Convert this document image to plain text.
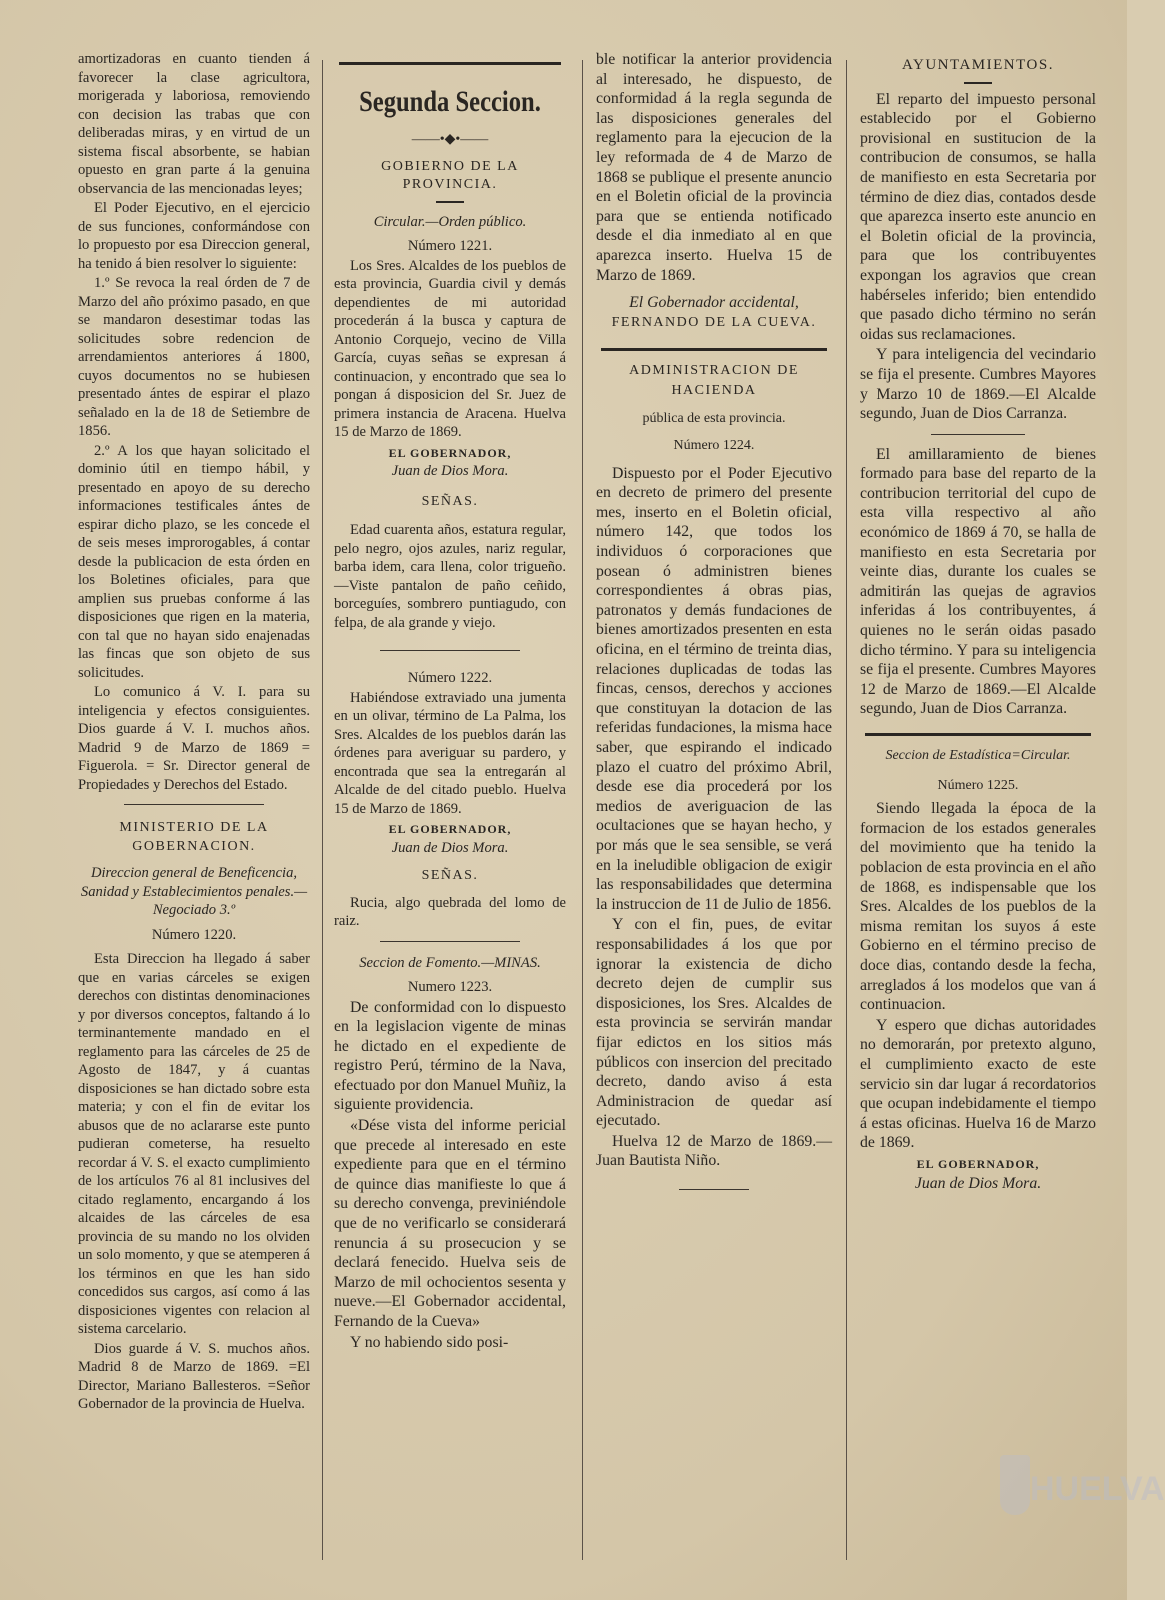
amortizadoras en cuanto tienden á favorecer la clase agricultora, morigerada y laboriosa, removiendo con decision las trabas que con deliberadas miras, y en virtud de un sistema fiscal absorbente, se habian opuesto en gran parte á la genuina observancia de las mencionadas leyes;

El Poder Ejecutivo, en el ejercicio de sus funciones, conformándose con lo propuesto por esa Direccion general, ha tenido á bien resolver lo siguiente:

1.º Se revoca la real órden de 7 de Marzo del año próximo pasado, en que se mandaron desestimar todas las solicitudes sobre redencion de arrendamientos anteriores á 1800, cuyos documentos no se hubiesen presentado ántes de espirar el plazo señalado en la de 18 de Setiembre de 1856.

2.º A los que hayan solicitado el dominio útil en tiempo hábil, y presentado en apoyo de su derecho informaciones testificales ántes de espirar dicho plazo, se les concede el de seis meses improrogables, á contar desde la publicacion de esta órden en los Boletines oficiales, para que amplien sus pruebas conforme á las disposiciones que rigen en la materia, con tal que no hayan sido enajenadas las fincas que son objeto de sus solicitudes.

Lo comunico á V. I. para su inteligencia y efectos consiguientes. Dios guarde á V. I. muchos años. Madrid 9 de Marzo de 1869 = Figuerola. = Sr. Director general de Propiedades y Derechos del Estado.

MINISTERIO DE LA GOBERNACION.

Direccion general de Beneficencia, Sanidad y Establecimientos penales.—Negociado 3.º

Número 1220.

Esta Direccion ha llegado á saber que en varias cárceles se exigen derechos con distintas denominaciones y por diversos conceptos, faltando á lo terminantemente mandado en el reglamento para las cárceles de 25 de Agosto de 1847, y á cuantas disposiciones se han dictado sobre esta materia; y con el fin de evitar los abusos que de no aclararse este punto pudieran cometerse, ha resuelto recordar á V. S. el exacto cumplimiento de los artículos 76 al 81 inclusives del citado reglamento, encargando á los alcaides de las cárceles de esa provincia de su mando no los olviden un solo momento, y que se atemperen á los términos en que les han sido concedidos sus cargos, así como á las disposiciones vigentes con relacion al sistema carcelario.

Dios guarde á V. S. muchos años. Madrid 8 de Marzo de 1869. =El Director, Mariano Ballesteros. =Señor Gobernador de la provincia de Huelva.

Segunda Seccion.
——•◆•——

GOBIERNO DE LA PROVINCIA.

Circular.—Orden público.

Número 1221.

Los Sres. Alcaldes de los pueblos de esta provincia, Guardia civil y demás dependientes de mi autoridad procederán á la busca y captura de Antonio Corquejo, vecino de Villa García, cuyas señas se expresan á continuacion, y encontrado que sea lo pongan á disposicion del Sr. Juez de primera instancia de Aracena. Huelva 15 de Marzo de 1869.

EL GOBERNADOR,
Juan de Dios Mora.

SEÑAS.

Edad cuarenta años, estatura regular, pelo negro, ojos azules, nariz regular, barba idem, cara llena, color trigueño.—Viste pantalon de paño ceñido, borceguíes, sombrero puntiagudo, con felpa, de ala grande y viejo.

Número 1222.

Habiéndose extraviado una jumenta en un olivar, término de La Palma, los Sres. Alcaldes de los pueblos darán las órdenes para averiguar su pardero, y encontrada que sea la entregarán al Alcalde de del citado pueblo. Huelva 15 de Marzo de 1869.

EL GOBERNADOR,
Juan de Dios Mora.

SEÑAS.

Rucia, algo quebrada del lomo de raiz.

Seccion de Fomento.—MINAS.

Numero 1223.

De conformidad con lo dispuesto en la legislacion vigente de minas he dictado en el expediente de registro Perú, término de la Nava, efectuado por don Manuel Muñiz, la siguiente providencia.

«Dése vista del informe pericial que precede al interesado en este expediente para que en el término de quince dias manifieste lo que á su derecho convenga, previniéndole que de no verificarlo se considerará renuncia á su prosecucion y se declará fenecido. Huelva seis de Marzo de mil ochocientos sesenta y nueve.—El Gobernador accidental, Fernando de la Cueva»

Y no habiendo sido posi-

ble notificar la anterior providencia al interesado, he dispuesto, de conformidad á la regla segunda de las disposiciones generales del reglamento para la ejecucion de la ley reformada de 4 de Marzo de 1868 se publique el presente anuncio en el Boletin oficial de la provincia para que se entienda notificado desde el dia inmediato al en que aparezca inserto. Huelva 15 de Marzo de 1869.

El Gobernador accidental,
FERNANDO DE LA CUEVA.

ADMINISTRACION DE HACIENDA

pública de esta provincia.

Número 1224.

Dispuesto por el Poder Ejecutivo en decreto de primero del presente mes, inserto en el Boletin oficial, número 142, que todos los individuos ó corporaciones que posean ó administren bienes correspondientes á obras pias, patronatos y demás fundaciones de bienes amortizados presenten en esta oficina, en el término de treinta dias, relaciones duplicadas de todas las fincas, censos, derechos y acciones que constituyan la dotacion de las referidas fundaciones, la misma hace saber, que espirando el indicado plazo el cuatro del próximo Abril, desde ese dia procederá por los medios de averiguacion de las ocultaciones que se hayan hecho, y por más que le sea sensible, se verá en la ineludible obligacion de exigir las responsabilidades que determina la instruccion de 11 de Julio de 1856.

Y con el fin, pues, de evitar responsabilidades á los que por ignorar la existencia de dicho decreto dejen de cumplir sus disposiciones, los Sres. Alcaldes de esta provincia se servirán mandar fijar edictos en los sitios más públicos con insercion del precitado decreto, dando aviso á esta Administracion de quedar así ejecutado.

Huelva 12 de Marzo de 1869.—Juan Bautista Niño.

AYUNTAMIENTOS.

El reparto del impuesto personal establecido por el Gobierno provisional en sustitucion de la contribucion de consumos, se halla de manifiesto en esta Secretaria por término de diez dias, contados desde que aparezca inserto este anuncio en el Boletin oficial de la provincia, para que los contribuyentes expongan los agravios que crean habérseles inferido; bien entendido que pasado dicho término no serán oidas sus reclamaciones.

Y para inteligencia del vecindario se fija el presente. Cumbres Mayores y Marzo 10 de 1869.—El Alcalde segundo, Juan de Dios Carranza.

El amillaramiento de bienes formado para base del reparto de la contribucion territorial del cupo de esta villa respectivo al año económico de 1869 á 70, se halla de manifiesto en esta Secretaria por veinte dias, durante los cuales se admitirán las quejas de agravios inferidas á los contribuyentes, á quienes no le serán oidas pasado dicho término. Y para su inteligencia se fija el presente. Cumbres Mayores 12 de Marzo de 1869.—El Alcalde segundo, Juan de Dios Carranza.

Seccion de Estadística=Circular.

Número 1225.

Siendo llegada la época de la formacion de los estados generales del movimiento que ha tenido la poblacion de esta provincia en el año de 1868, es indispensable que los Sres. Alcaldes de los pueblos de la misma remitan los suyos á este Gobierno en el término preciso de doce dias, contando desde la fecha, arreglados á los modelos que van á continuacion.

Y espero que dichas autoridades no demorarán, por pretexto alguno, el cumplimiento exacto de este servicio sin dar lugar á recordatorios que ocupan indebidamente el tiempo á estas oficinas. Huelva 16 de Marzo de 1869.

EL GOBERNADOR,
Juan de Dios Mora.
HUELVA
